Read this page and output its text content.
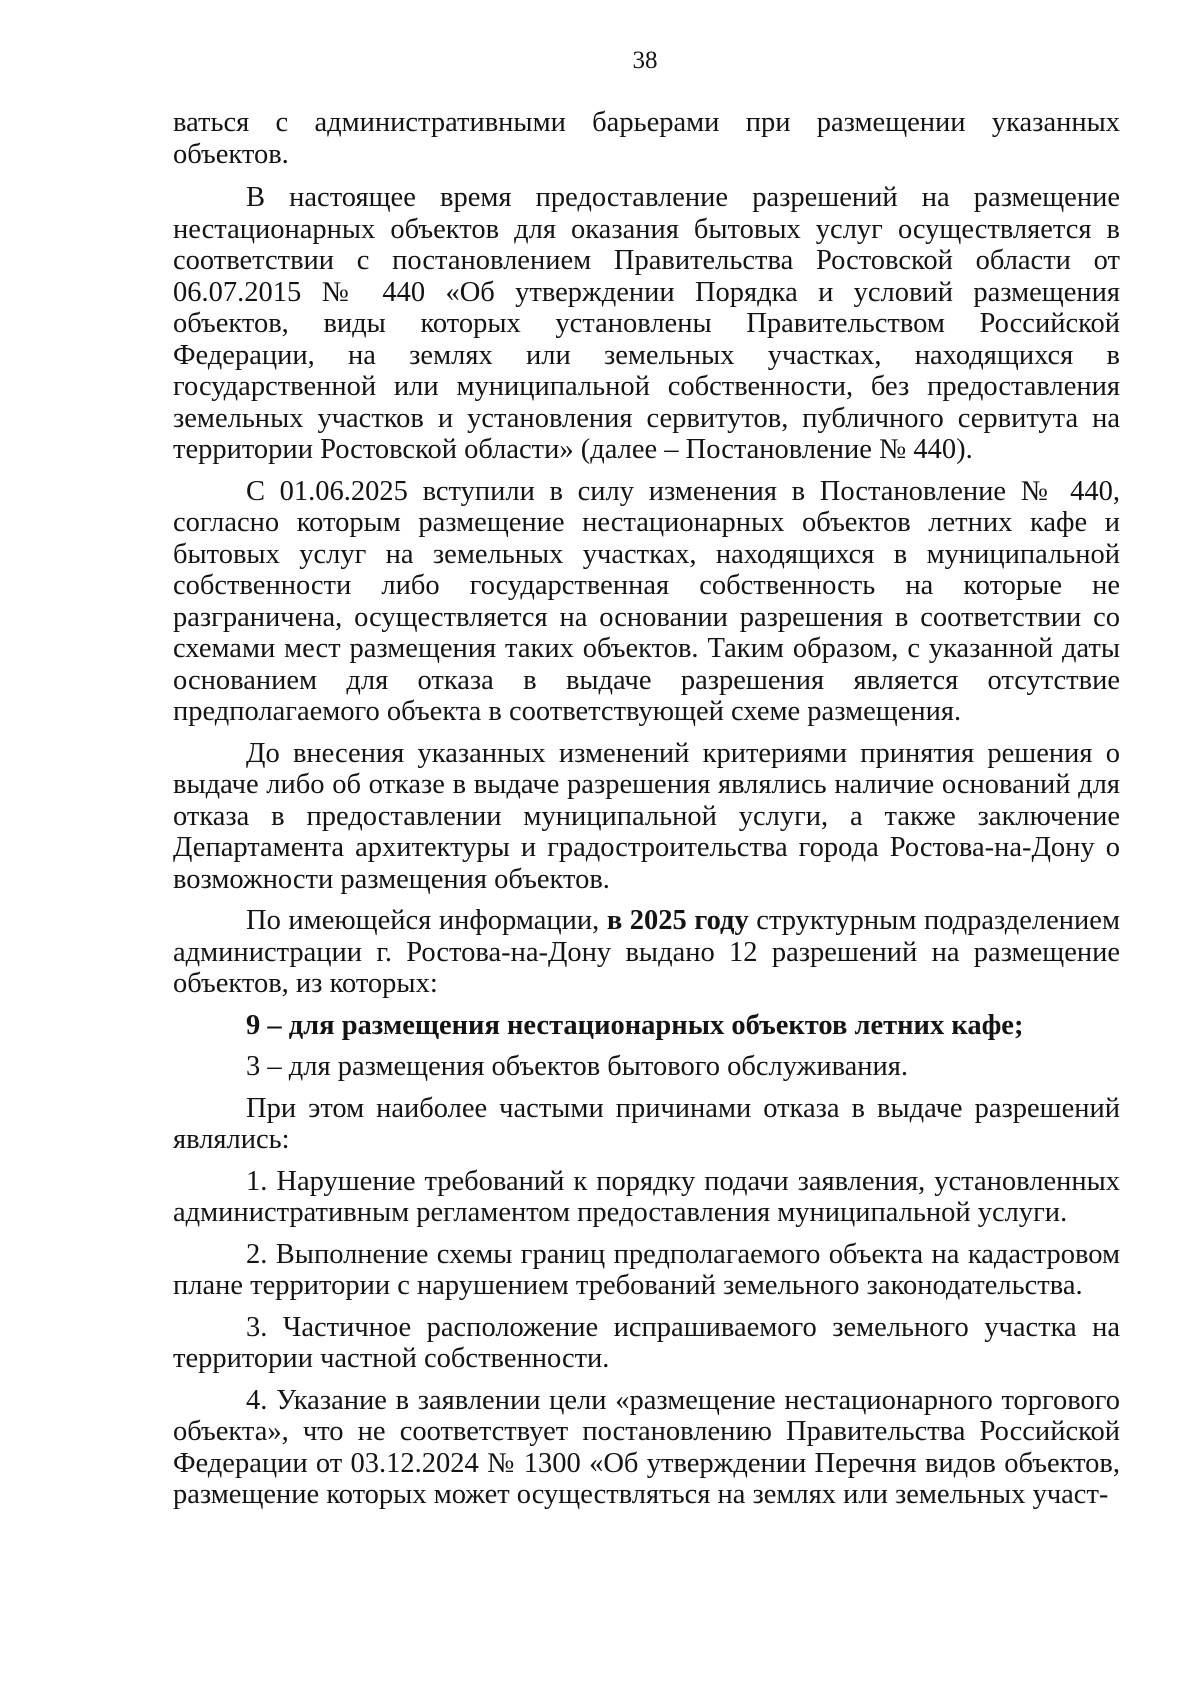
38

ваться с административными барьерами при размещении указанных объектов.

В настоящее время предоставление разрешений на размещение нестационарных объектов для оказания бытовых услуг осуществляется в соответствии с постановлением Правительства Ростовской области от 06.07.2015 № 440 «Об утверждении Порядка и условий размещения объектов, виды которых установлены Правительством Российской Федерации, на землях или земельных участках, находящихся в государственной или муниципальной собственности, без предоставления земельных участков и установления сервитутов, публичного сервитута на территории Ростовской области» (далее – Постановление № 440).

С 01.06.2025 вступили в силу изменения в Постановление № 440, согласно которым размещение нестационарных объектов летних кафе и бытовых услуг на земельных участках, находящихся в муниципальной собственности либо государственная собственность на которые не разграничена, осуществляется на основании разрешения в соответствии со схемами мест размещения таких объектов. Таким образом, с указанной даты основанием для отказа в выдаче разрешения является отсутствие предполагаемого объекта в соответствующей схеме размещения.

До внесения указанных изменений критериями принятия решения о выдаче либо об отказе в выдаче разрешения являлись наличие оснований для отказа в предоставлении муниципальной услуги, а также заключение Департамента архитектуры и градостроительства города Ростова-на-Дону о возможности размещения объектов.

По имеющейся информации, в 2025 году структурным подразделением администрации г. Ростова-на-Дону выдано 12 разрешений на размещение объектов, из которых:

9 – для размещения нестационарных объектов летних кафе;

3 – для размещения объектов бытового обслуживания.

При этом наиболее частыми причинами отказа в выдаче разрешений являлись:

1. Нарушение требований к порядку подачи заявления, установленных административным регламентом предоставления муниципальной услуги.

2. Выполнение схемы границ предполагаемого объекта на кадастровом плане территории с нарушением требований земельного законодательства.

3. Частичное расположение испрашиваемого земельного участка на территории частной собственности.

4. Указание в заявлении цели «размещение нестационарного торгового объекта», что не соответствует постановлению Правительства Российской Федерации от 03.12.2024 № 1300 «Об утверждении Перечня видов объектов, размещение которых может осуществляться на землях или земельных участ-
